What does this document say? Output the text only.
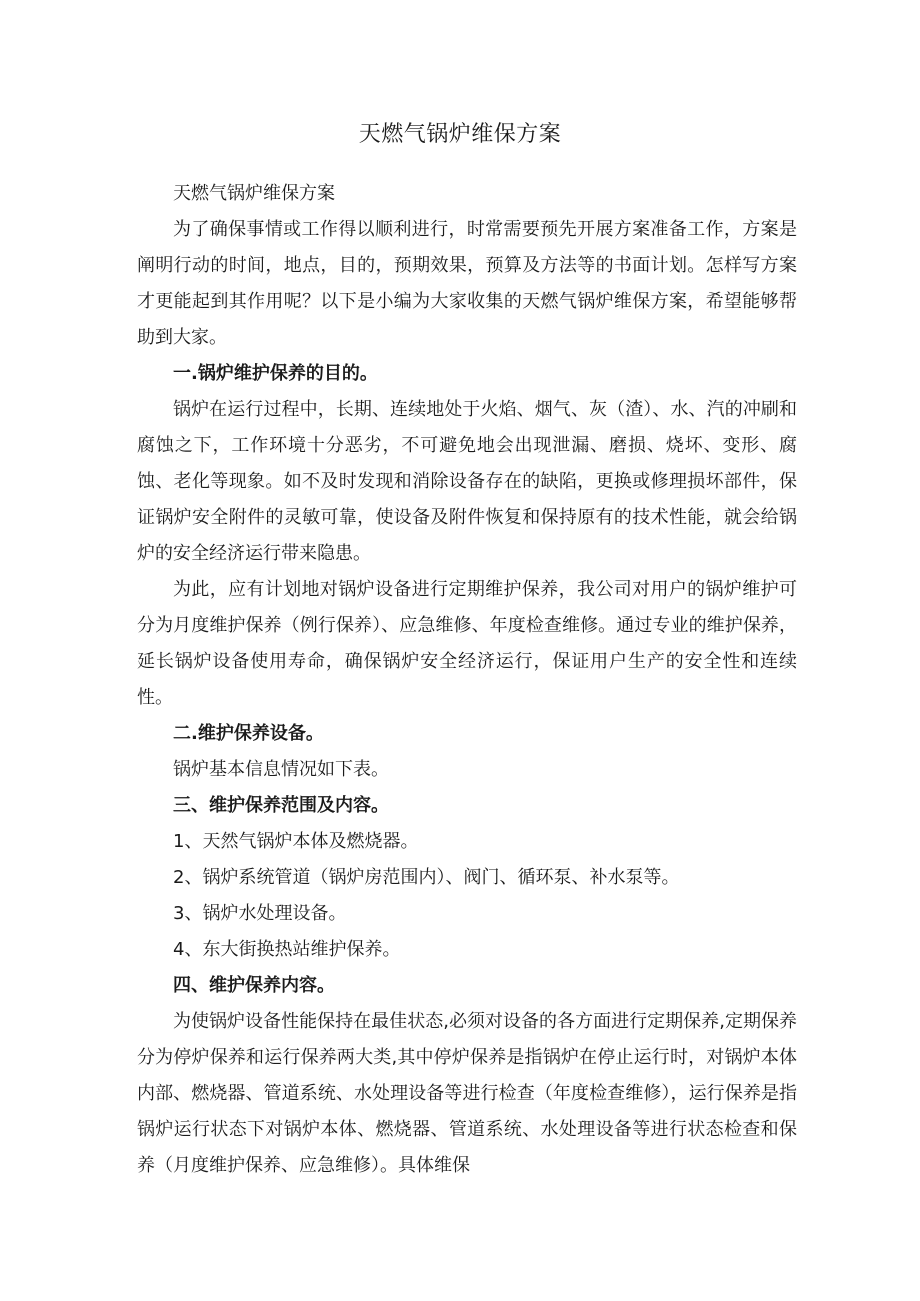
天燃气锅炉维保方案

天燃气锅炉维保方案

为了确保事情或工作得以顺利进行，时常需要预先开展方案准备工作，方案是阐明行动的时间，地点，目的，预期效果，预算及方法等的书面计划。怎样写方案才更能起到其作用呢？以下是小编为大家收集的天燃气锅炉维保方案，希望能够帮助到大家。

一.锅炉维护保养的目的。

锅炉在运行过程中，长期、连续地处于火焰、烟气、灰（渣）、水、汽的冲刷和腐蚀之下，工作环境十分恶劣，不可避免地会出现泄漏、磨损、烧坏、变形、腐蚀、老化等现象。如不及时发现和消除设备存在的缺陷，更换或修理损坏部件，保证锅炉安全附件的灵敏可靠，使设备及附件恢复和保持原有的技术性能，就会给锅炉的安全经济运行带来隐患。

为此，应有计划地对锅炉设备进行定期维护保养，我公司对用户的锅炉维护可分为月度维护保养（例行保养）、应急维修、年度检查维修。通过专业的维护保养，延长锅炉设备使用寿命，确保锅炉安全经济运行，保证用户生产的安全性和连续性。

二.维护保养设备。

锅炉基本信息情况如下表。

三、维护保养范围及内容。

1、天然气锅炉本体及燃烧器。

2、锅炉系统管道（锅炉房范围内）、阀门、循环泵、补水泵等。

3、锅炉水处理设备。

4、东大街换热站维护保养。

四、维护保养内容。

为使锅炉设备性能保持在最佳状态,必须对设备的各方面进行定期保养,定期保养分为停炉保养和运行保养两大类,其中停炉保养是指锅炉在停止运行时，对锅炉本体内部、燃烧器、管道系统、水处理设备等进行检查（年度检查维修），运行保养是指锅炉运行状态下对锅炉本体、燃烧器、管道系统、水处理设备等进行状态检查和保养（月度维护保养、应急维修）。具体维保
